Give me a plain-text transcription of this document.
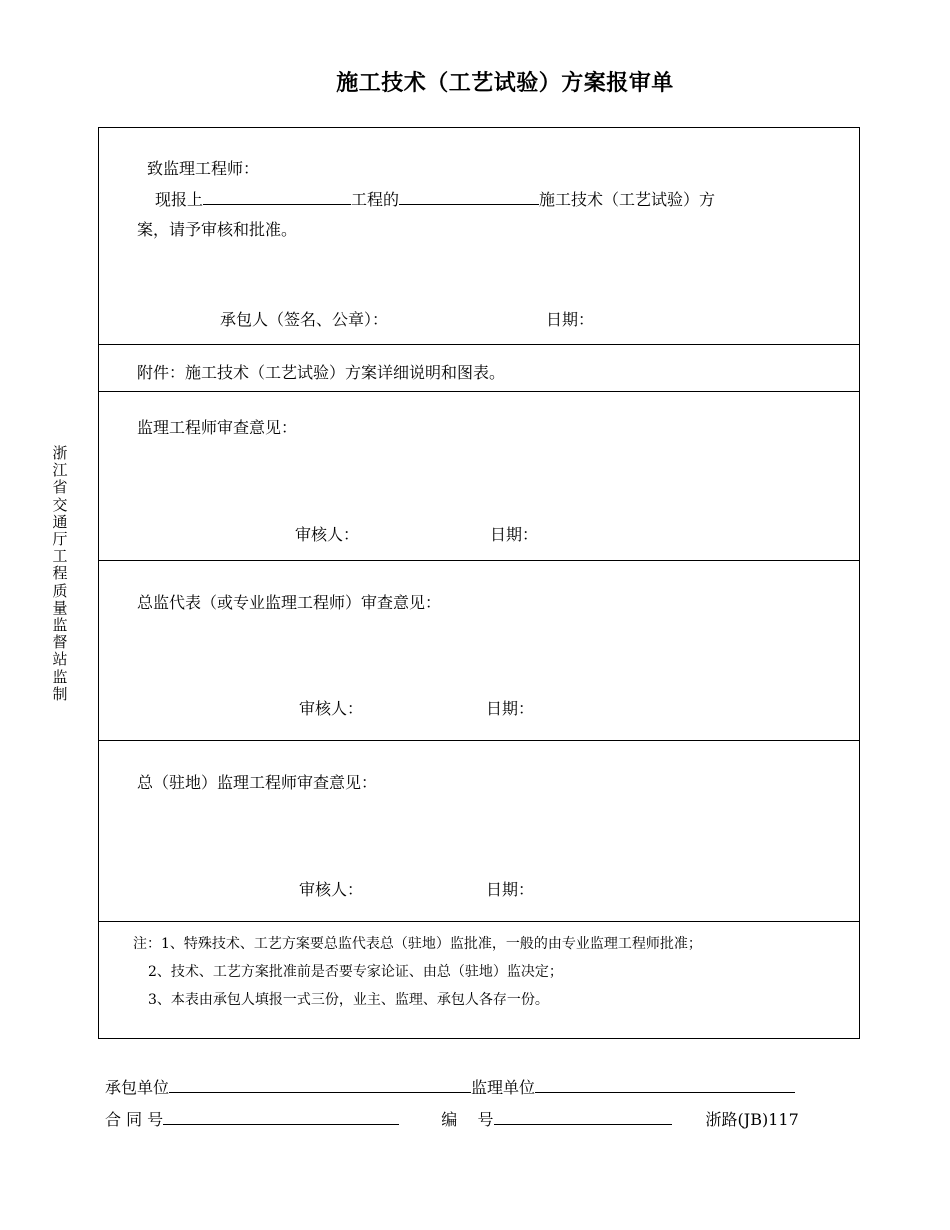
施工技术（工艺试验）方案报审单
浙江省交通厅工程质量监督站监制
致监理工程师：
现报上	工程的	施工技术（工艺试验）方
案，请予审核和批准。
承包人（签名、公章）：	日期：
附件：施工技术（工艺试验）方案详细说明和图表。
监理工程师审查意见：
审核人：	日期：
总监代表（或专业监理工程师）审查意见：
审核人：	日期：
总（驻地）监理工程师审查意见：
审核人：	日期：
注：1、特殊技术、工艺方案要总监代表总（驻地）监批准，一般的由专业监理工程师批准；
2、技术、工艺方案批准前是否要专家论证、由总（驻地）监决定；
3、本表由承包人填报一式三份，业主、监理、承包人各存一份。
承包单位	监理单位
合 同 号	编    号	浙路(JB)117
